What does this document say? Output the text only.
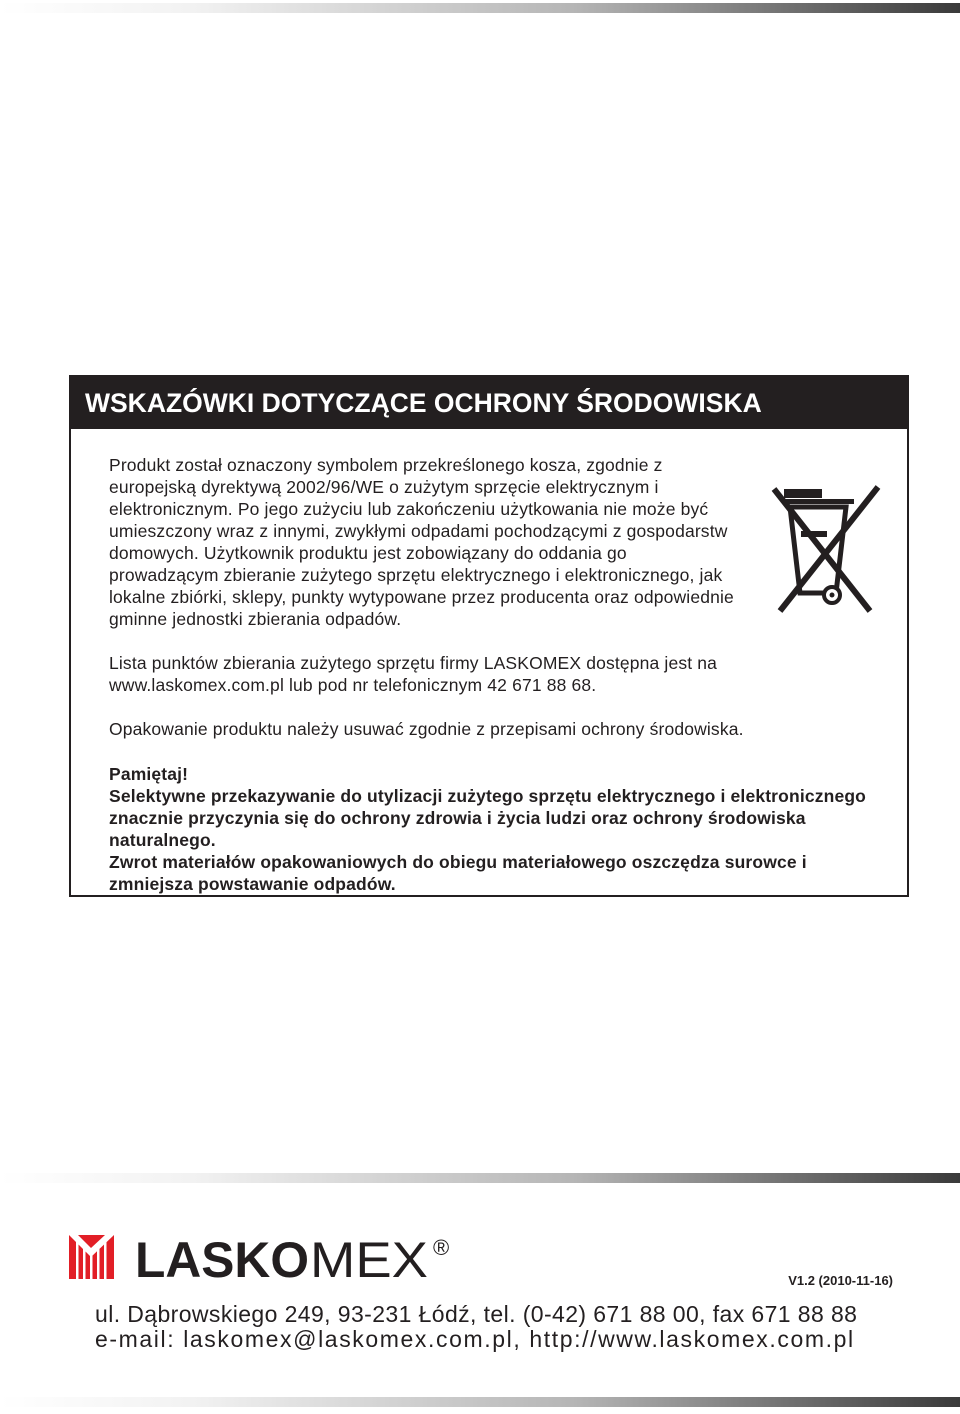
WSKAZÓWKI DOTYCZĄCE OCHRONY ŚRODOWISKA

Produkt został oznaczony symbolem przekreślonego kosza, zgodnie z europejską dyrektywą 2002/96/WE o zużytym sprzęcie elektrycznym i elektronicznym. Po jego zużyciu lub zakończeniu użytkowania nie może być umieszczony wraz z innymi, zwykłymi odpadami pochodzącymi z gospodarstw domowych. Użytkownik produktu jest zobowiązany do oddania go prowadzącym zbieranie zużytego sprzętu elektrycznego i elektronicznego, jak lokalne zbiórki, sklepy, punkty wytypowane przez producenta oraz odpowiednie gminne jednostki zbierania odpadów.

Lista punktów zbierania zużytego sprzętu firmy LASKOMEX dostępna jest na www.laskomex.com.pl lub pod nr telefonicznym 42 671 88 68.

Opakowanie produktu należy usuwać zgodnie z przepisami ochrony środowiska.

Pamiętaj!

Selektywne przekazywanie do utylizacji zużytego sprzętu elektrycznego i elektronicznego znacznie przyczynia się do ochrony zdrowia i życia ludzi oraz ochrony środowiska naturalnego.

Zwrot materiałów opakowaniowych do obiegu materiałowego oszczędza surowce i zmniejsza powstawanie odpadów.

LASKO MEX ®
V1.2 (2010-11-16)
ul. Dąbrowskiego 249, 93-231 Łódź, tel. (0-42) 671 88 00, fax 671 88 88
e-mail: laskomex@laskomex.com.pl, http://www.laskomex.com.pl
